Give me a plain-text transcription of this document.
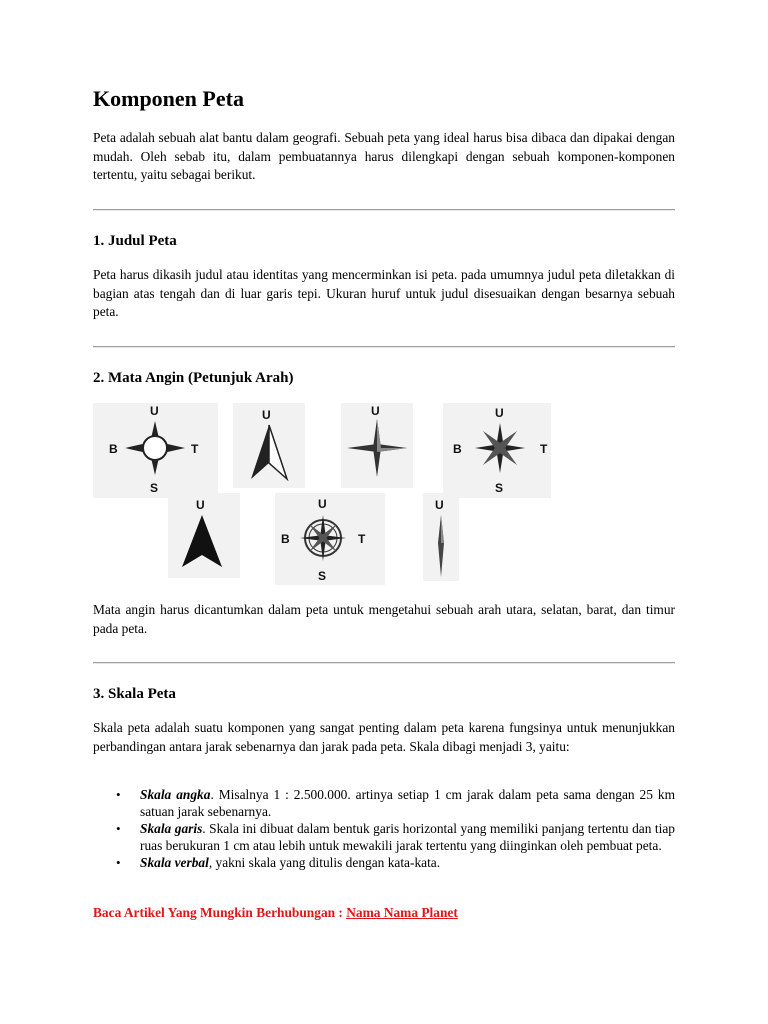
Komponen Peta

Peta adalah sebuah alat bantu dalam geografi. Sebuah peta yang ideal harus bisa dibaca dan dipakai dengan mudah. Oleh sebab itu, dalam pembuatannya harus dilengkapi dengan sebuah komponen-komponen tertentu, yaitu sebagai berikut.

1. Judul Peta

Peta harus dikasih judul atau identitas yang mencerminkan isi peta. pada umumnya judul peta diletakkan di bagian atas tengah dan di luar garis tepi. Ukuran huruf untuk judul disesuaikan dengan besarnya sebuah peta.

2. Mata Angin (Petunjuk Arah)
U
S
B	T
U	U	U
S
B	T
U	U
S
B	T
U

Mata angin harus dicantumkan dalam peta untuk mengetahui sebuah arah utara, selatan, barat, dan timur pada peta.

3. Skala Peta

Skala peta adalah suatu komponen yang sangat penting dalam peta karena fungsinya untuk menunjukkan perbandingan antara jarak sebenarnya dan jarak pada peta. Skala dibagi menjadi 3, yaitu:

• Skala angka. Misalnya 1 : 2.500.000. artinya setiap 1 cm jarak dalam peta sama dengan 25 km satuan jarak sebenarnya.
• Skala garis. Skala ini dibuat dalam bentuk garis horizontal yang memiliki panjang tertentu dan tiap ruas berukuran 1 cm atau lebih untuk mewakili jarak tertentu yang diinginkan oleh pembuat peta.
• Skala verbal, yakni skala yang ditulis dengan kata-kata.
Baca Artikel Yang Mungkin Berhubungan : Nama Nama Planet
